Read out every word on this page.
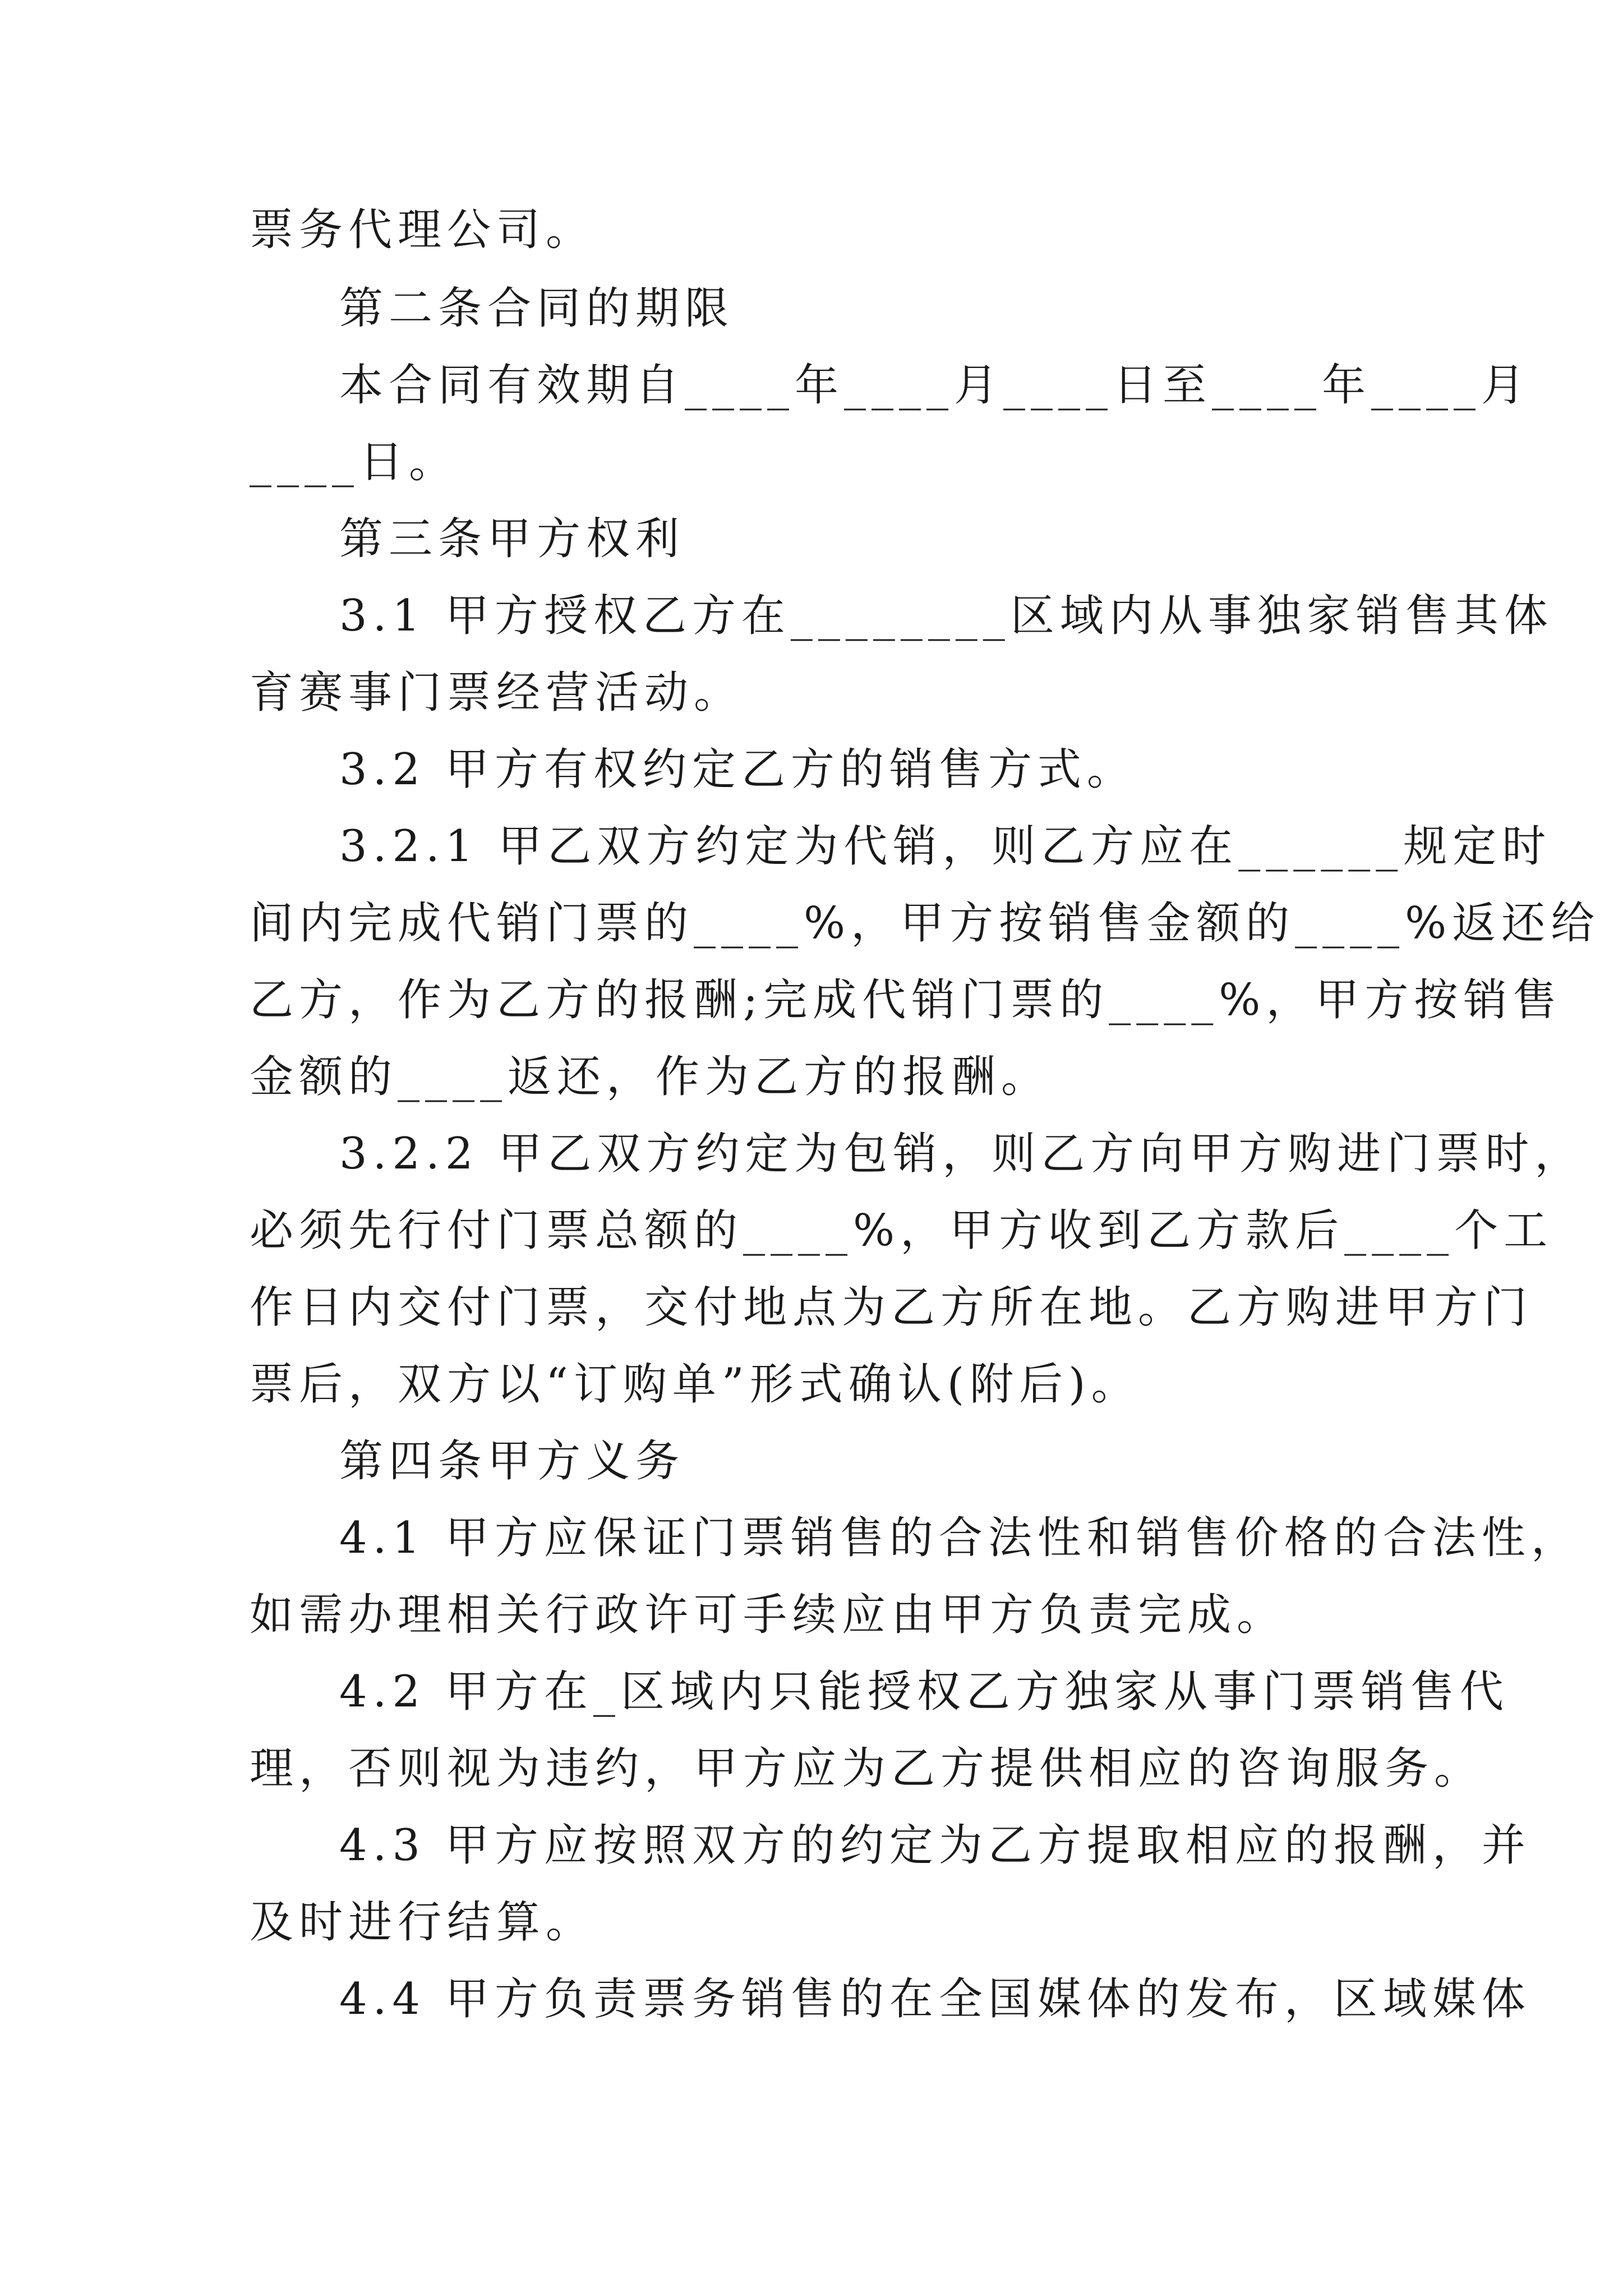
票务代理公司。
第二条合同的期限
本合同有效期自____年____月____日至____年____月
____日。
第三条甲方权利
3.1 甲方授权乙方在________区域内从事独家销售其体
育赛事门票经营活动。
3.2 甲方有权约定乙方的销售方式。
3.2.1 甲乙双方约定为代销，则乙方应在______规定时
间内完成代销门票的____%，甲方按销售金额的____%返还给
乙方，作为乙方的报酬;完成代销门票的____%，甲方按销售
金额的____返还，作为乙方的报酬。
3.2.2 甲乙双方约定为包销，则乙方向甲方购进门票时，
必须先行付门票总额的____%，甲方收到乙方款后____个工
作日内交付门票，交付地点为乙方所在地。乙方购进甲方门
票后，双方以“订购单”形式确认(附后)。
第四条甲方义务
4.1 甲方应保证门票销售的合法性和销售价格的合法性，
如需办理相关行政许可手续应由甲方负责完成。
4.2 甲方在_区域内只能授权乙方独家从事门票销售代
理，否则视为违约，甲方应为乙方提供相应的咨询服务。
4.3 甲方应按照双方的约定为乙方提取相应的报酬，并
及时进行结算。
4.4 甲方负责票务销售的在全国媒体的发布，区域媒体
